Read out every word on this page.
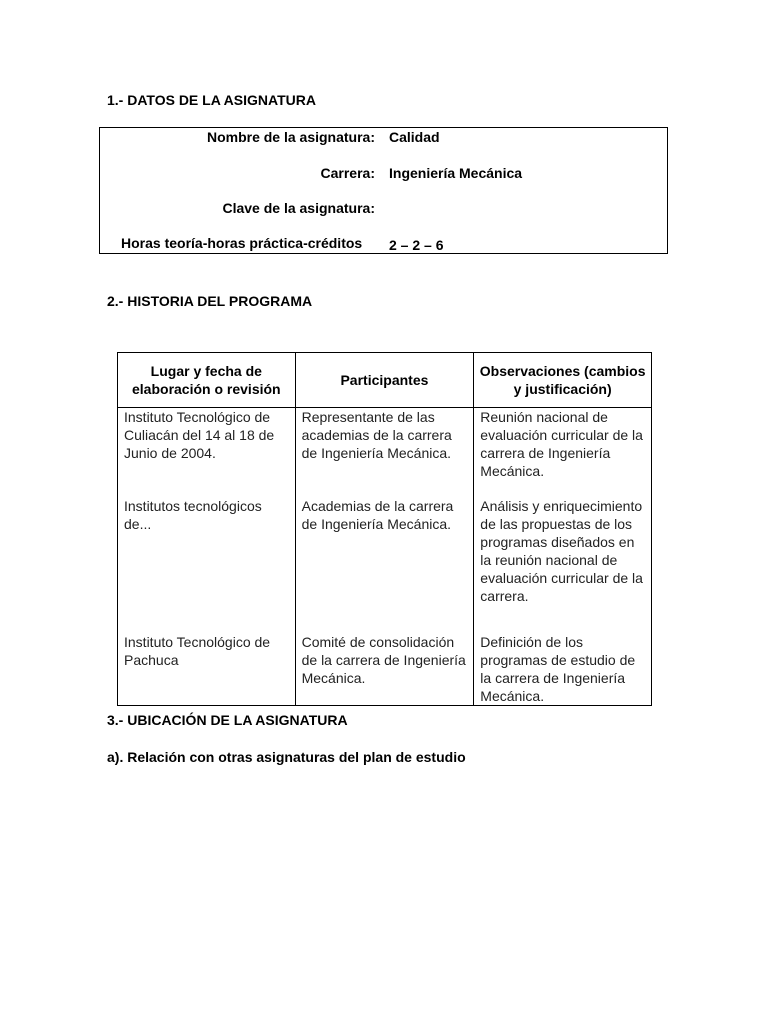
1.- DATOS DE LA ASIGNATURA
Nombre de la asignatura: Calidad
Carrera: Ingeniería Mecánica
Clave de la asignatura:
Horas teoría-horas práctica-créditos 2 – 2 – 6
2.- HISTORIA DEL PROGRAMA
Lugar y fecha de elaboración o revisión	Participantes	Observaciones (cambios y justificación)
Instituto Tecnológico de Culiacán del 14 al 18 de Junio de 2004.	Representante de las academias de la carrera de Ingeniería Mecánica.	Reunión nacional de evaluación curricular de la carrera de Ingeniería Mecánica.
Institutos tecnológicos de...	Academias de la carrera de Ingeniería Mecánica.	Análisis y enriquecimiento de las propuestas de los programas diseñados en la reunión nacional de evaluación curricular de la carrera.
Instituto Tecnológico de Pachuca	Comité de consolidación de la carrera de Ingeniería Mecánica.	Definición de los programas de estudio de la carrera de Ingeniería Mecánica.
3.- UBICACIÓN DE LA ASIGNATURA
a). Relación con otras asignaturas del plan de estudio
